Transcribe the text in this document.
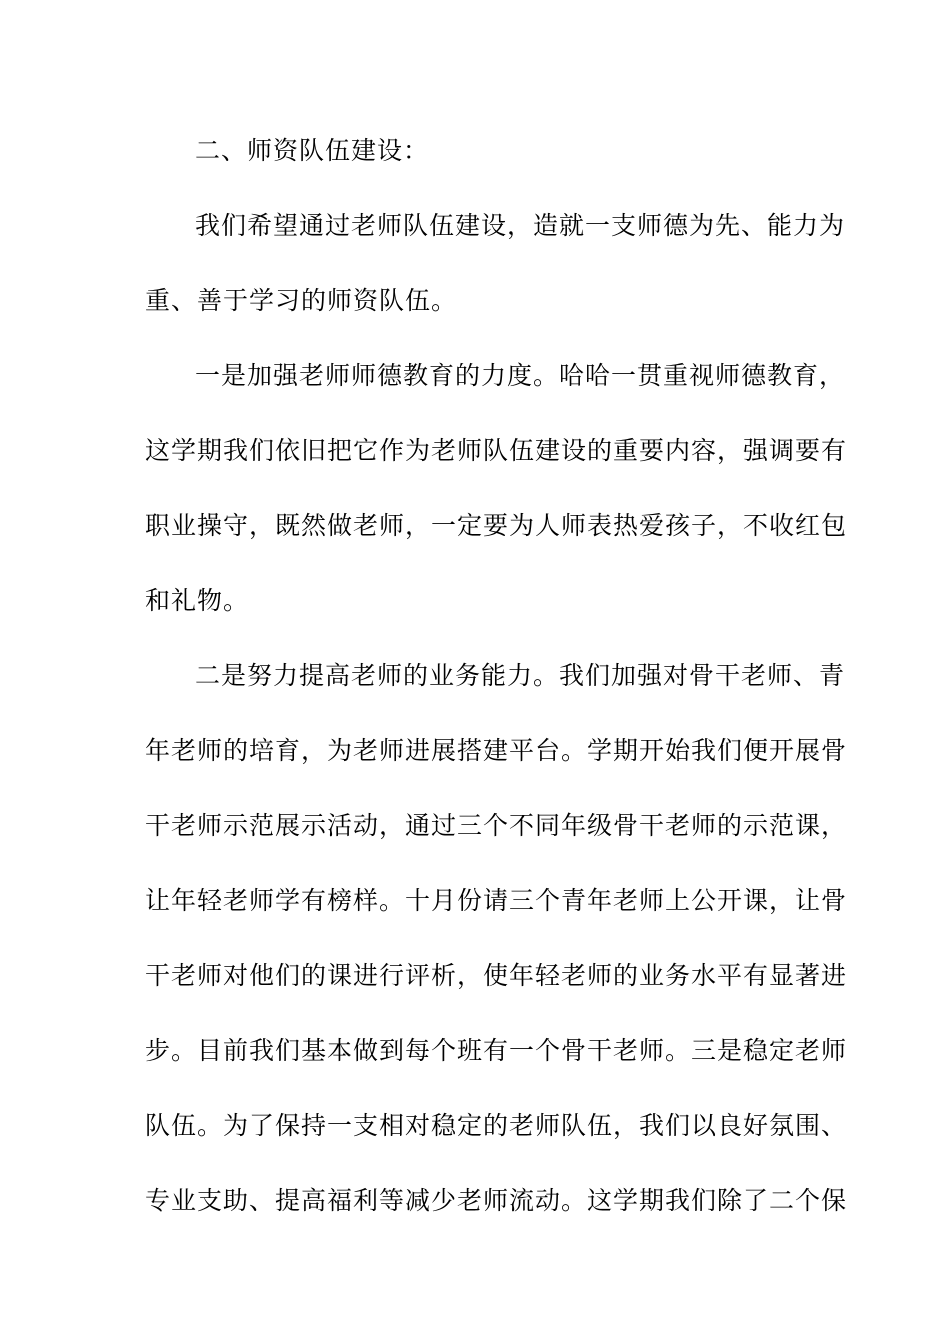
二、师资队伍建设：
我们希望通过老师队伍建设，造就一支师德为先、能力为
重、善于学习的师资队伍。
一是加强老师师德教育的力度。哈哈一贯重视师德教育，
这学期我们依旧把它作为老师队伍建设的重要内容，强调要有
职业操守，既然做老师，一定要为人师表热爱孩子，不收红包
和礼物。
二是努力提高老师的业务能力。我们加强对骨干老师、青
年老师的培育，为老师进展搭建平台。学期开始我们便开展骨
干老师示范展示活动，通过三个不同年级骨干老师的示范课，
让年轻老师学有榜样。十月份请三个青年老师上公开课，让骨
干老师对他们的课进行评析，使年轻老师的业务水平有显著进
步。目前我们基本做到每个班有一个骨干老师。三是稳定老师
队伍。为了保持一支相对稳定的老师队伍，我们以良好氛围、
专业支助、提高福利等减少老师流动。这学期我们除了二个保
